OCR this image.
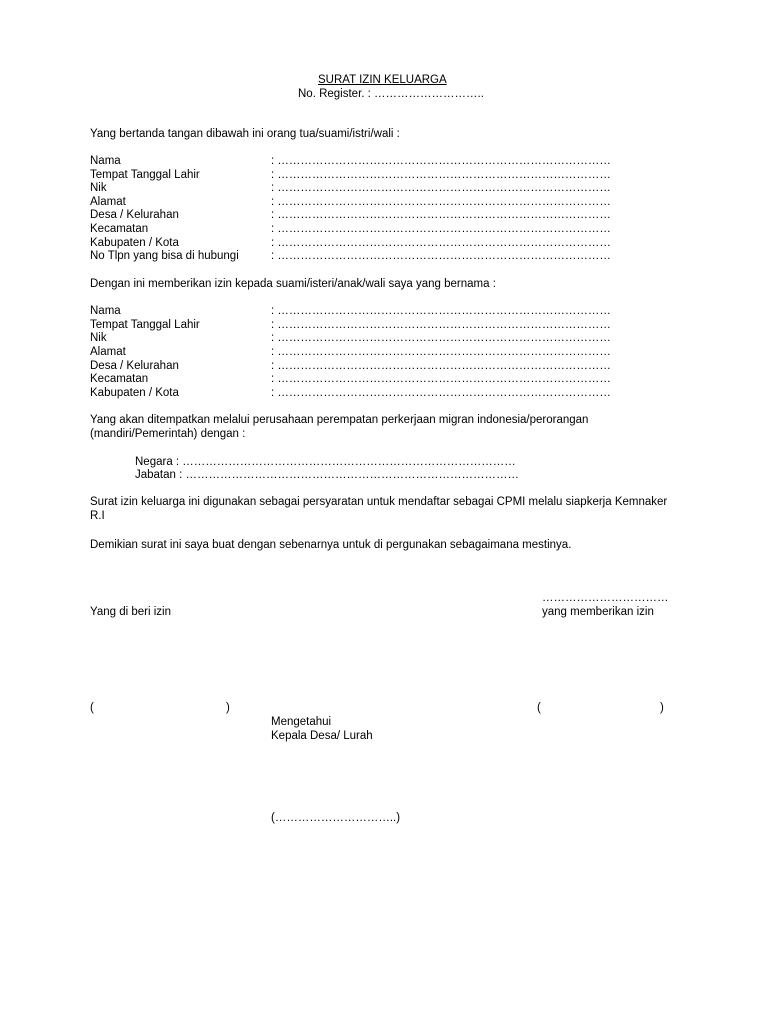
SURAT IZIN KELUARGA
No. Register. : ………………………..
Yang bertanda tangan dibawah ini orang tua/suami/istri/wali :
Nama	: ……………………………………………………………………………
Tempat Tanggal Lahir	: ……………………………………………………………………………
Nik	: ……………………………………………………………………………
Alamat	: ……………………………………………………………………………
Desa / Kelurahan	: ……………………………………………………………………………
Kecamatan	: ……………………………………………………………………………
Kabupaten / Kota	: ……………………………………………………………………………
No Tlpn yang bisa di hubungi	: ……………………………………………………………………………
Dengan ini memberikan izin kepada suami/isteri/anak/wali saya yang bernama :
Nama	: ……………………………………………………………………………
Tempat Tanggal Lahir	: ……………………………………………………………………………
Nik	: ……………………………………………………………………………
Alamat	: ……………………………………………………………………………
Desa / Kelurahan	: ……………………………………………………………………………
Kecamatan	: ……………………………………………………………………………
Kabupaten / Kota	: ……………………………………………………………………………
Yang akan ditempatkan melalui perusahaan perempatan perkerjaan migran indonesia/perorangan (mandiri/Pemerintah) dengan :
Negara : ……………………………………………………………………………
Jabatan : ……………………………………………………………………………
Surat izin keluarga ini digunakan sebagai persyaratan untuk mendaftar sebagai CPMI melalu siapkerja Kemnaker R.I
Demikian surat ini saya buat dengan sebenarnya untuk di pergunakan sebagaimana mestinya.
……………………………
Yang di beri izin	yang memberikan izin
(	)	(	)
Mengetahui
Kepala Desa/ Lurah
(…………………………..)
